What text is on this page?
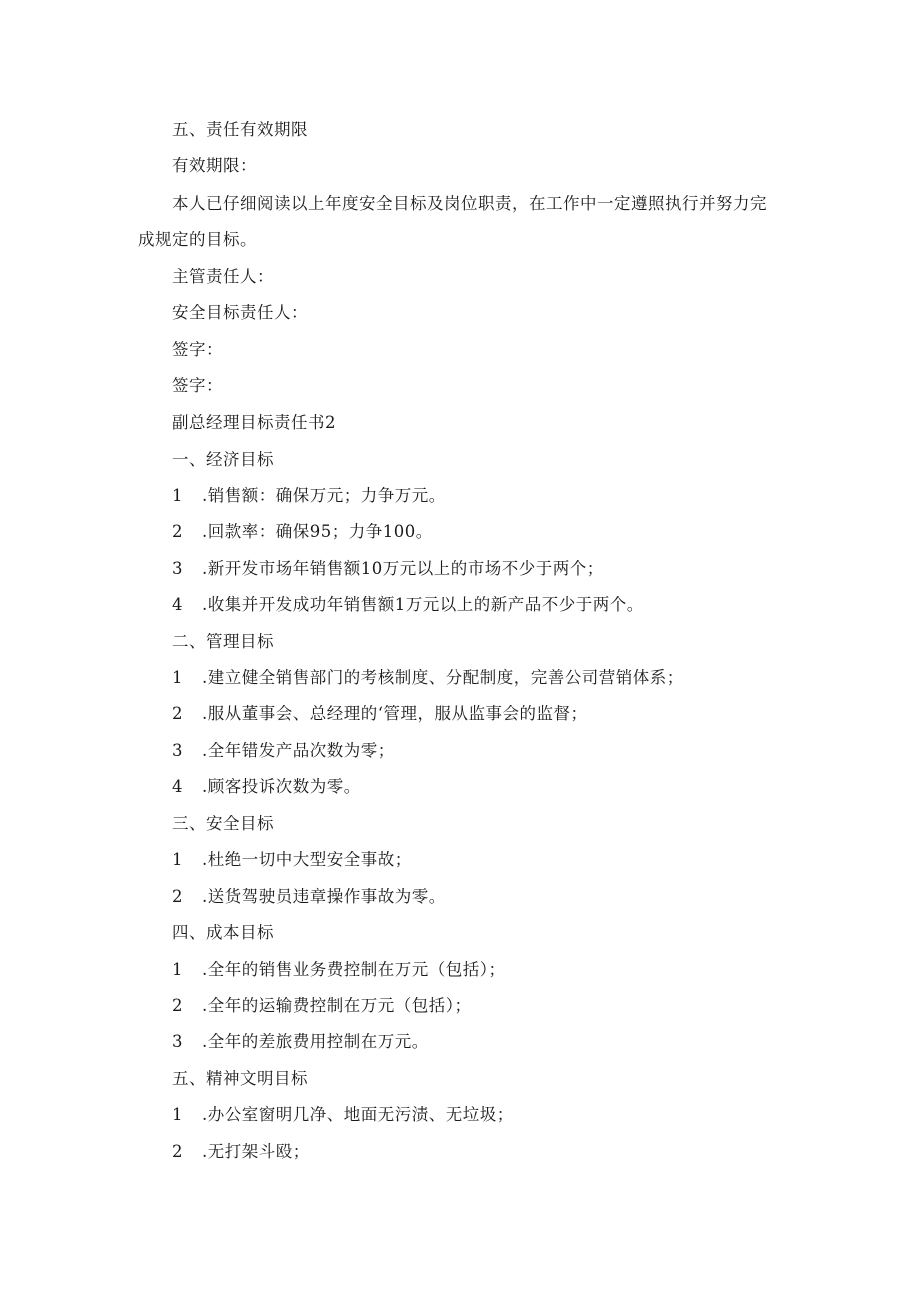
五、责任有效期限
有效期限：
本人已仔细阅读以上年度安全目标及岗位职责，在工作中一定遵照执行并努力完
成规定的目标。
主管责任人：
安全目标责任人：
签字：
签字：
副总经理目标责任书2
一、经济目标
1 .销售额：确保万元；力争万元。
2 .回款率：确保95；力争100。
3 .新开发市场年销售额10万元以上的市场不少于两个；
4 .收集并开发成功年销售额1万元以上的新产品不少于两个。
二、管理目标
1 .建立健全销售部门的考核制度、分配制度，完善公司营销体系；
2 .服从董事会、总经理的‘管理，服从监事会的监督；
3 .全年错发产品次数为零；
4 .顾客投诉次数为零。
三、安全目标
1 .杜绝一切中大型安全事故；
2 .送货驾驶员违章操作事故为零。
四、成本目标
1 .全年的销售业务费控制在万元（包括）；
2 .全年的运输费控制在万元（包括）；
3 .全年的差旅费用控制在万元。
五、精神文明目标
1 .办公室窗明几净、地面无污渍、无垃圾；
2 .无打架斗殴；
